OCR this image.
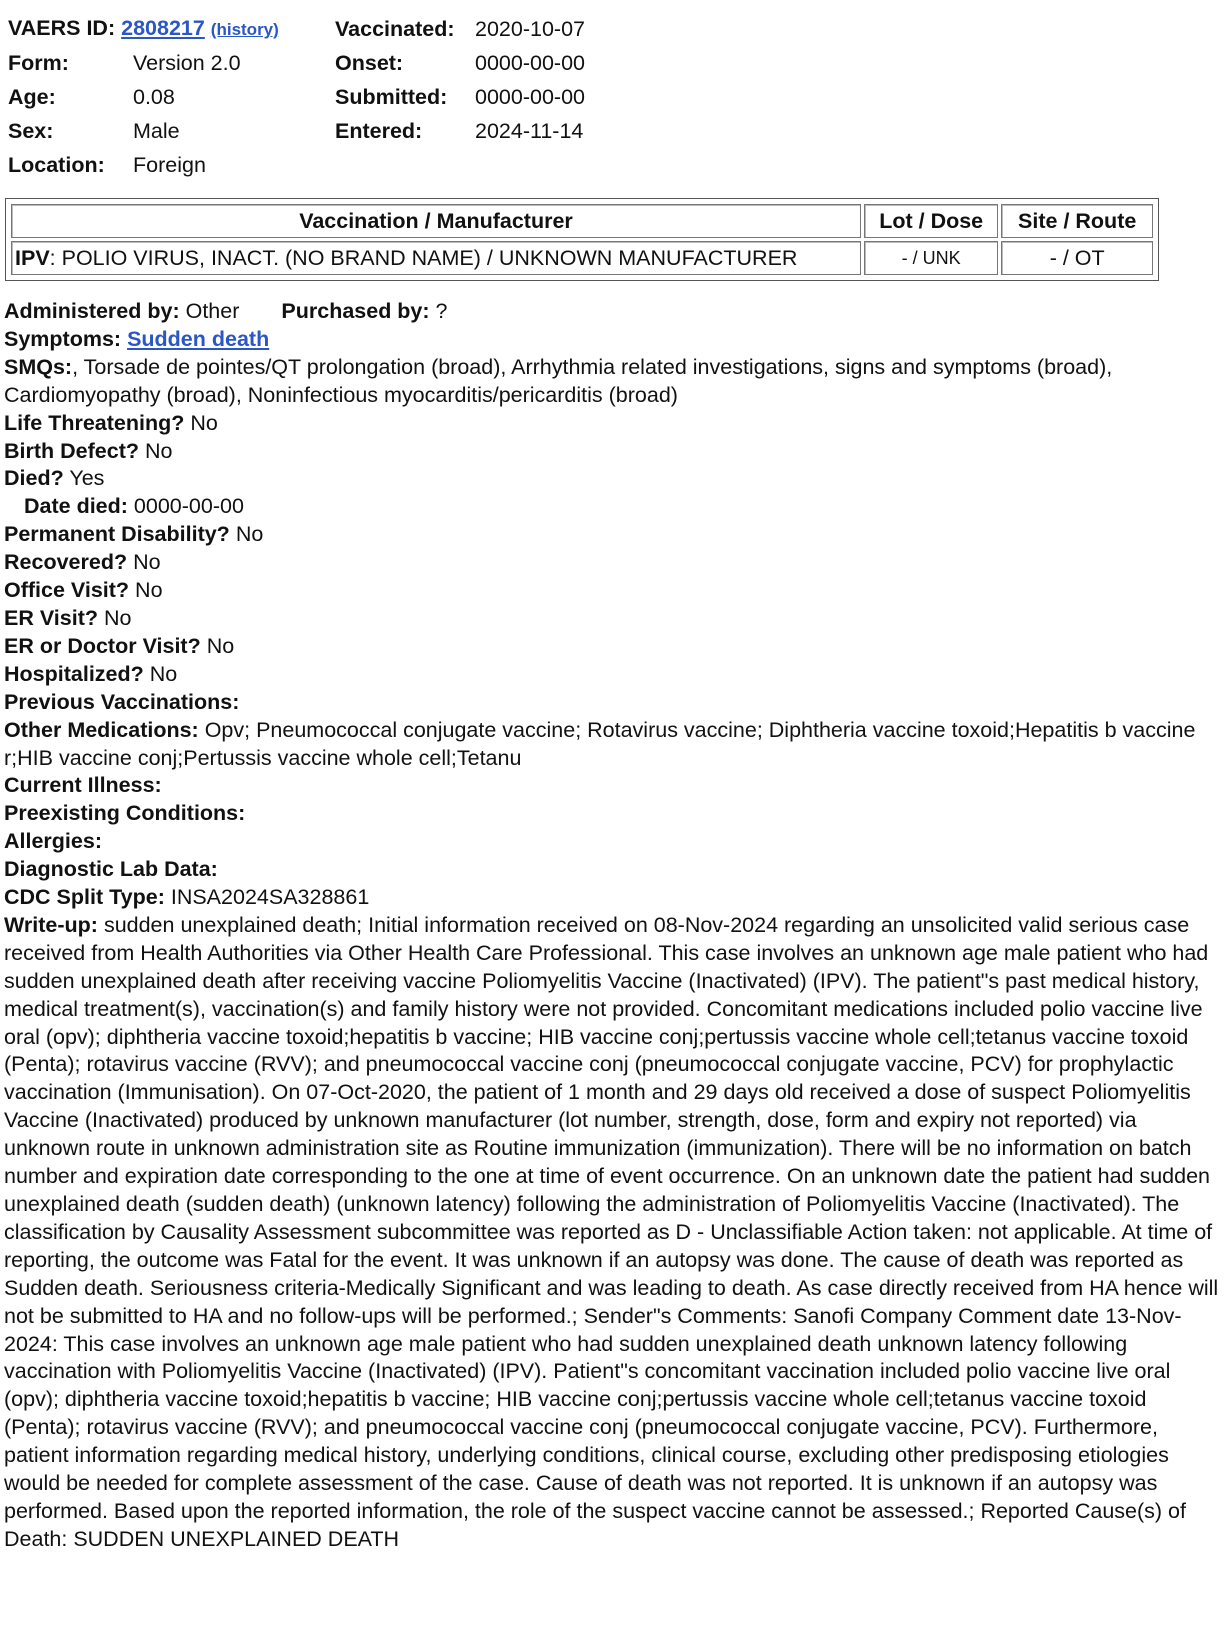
VAERS ID: 2808217 (history)		Vaccinated:	2020-10-07
Form:	Version 2.0	Onset:	0000-00-00
Age:	0.08	Submitted:	0000-00-00
Sex:	Male	Entered:	2024-11-14
Location:	Foreign		
Vaccination / Manufacturer	Lot / Dose	Site / Route
IPV: POLIO VIRUS, INACT. (NO BRAND NAME) / UNKNOWN MANUFACTURER	- / UNK	- / OT

Administered by: Other Purchased by: ?

Symptoms: Sudden death

SMQs:, Torsade de pointes/QT prolongation (broad), Arrhythmia related investigations, signs and symptoms (broad), Cardiomyopathy (broad), Noninfectious myocarditis/pericarditis (broad)

Life Threatening? No

Birth Defect? No

Died? Yes

Date died: 0000-00-00

Permanent Disability? No

Recovered? No

Office Visit? No

ER Visit? No

ER or Doctor Visit? No

Hospitalized? No

Previous Vaccinations:

Other Medications: Opv; Pneumococcal conjugate vaccine; Rotavirus vaccine; Diphtheria vaccine toxoid;Hepatitis b vaccine r;HIB vaccine conj;Pertussis vaccine whole cell;Tetanu

Current Illness:

Preexisting Conditions:

Allergies:

Diagnostic Lab Data:

CDC Split Type: INSA2024SA328861

Write-up: sudden unexplained death; Initial information received on 08-Nov-2024 regarding an unsolicited valid serious case received from Health Authorities via Other Health Care Professional. This case involves an unknown age male patient who had sudden unexplained death after receiving vaccine Poliomyelitis Vaccine (Inactivated) (IPV). The patient"s past medical history, medical treatment(s), vaccination(s) and family history were not provided. Concomitant medications included polio vaccine live oral (opv); diphtheria vaccine toxoid;hepatitis b vaccine; HIB vaccine conj;pertussis vaccine whole cell;tetanus vaccine toxoid (Penta); rotavirus vaccine (RVV); and pneumococcal vaccine conj (pneumococcal conjugate vaccine, PCV) for prophylactic vaccination (Immunisation). On 07-Oct-2020, the patient of 1 month and 29 days old received a dose of suspect Poliomyelitis Vaccine (Inactivated) produced by unknown manufacturer (lot number, strength, dose, form and expiry not reported) via unknown route in unknown administration site as Routine immunization (immunization). There will be no information on batch number and expiration date corresponding to the one at time of event occurrence. On an unknown date the patient had sudden unexplained death (sudden death) (unknown latency) following the administration of Poliomyelitis Vaccine (Inactivated). The classification by Causality Assessment subcommittee was reported as D - Unclassifiable Action taken: not applicable. At time of reporting, the outcome was Fatal for the event. It was unknown if an autopsy was done. The cause of death was reported as Sudden death. Seriousness criteria-Medically Significant and was leading to death. As case directly received from HA hence will not be submitted to HA and no follow-ups will be performed.; Sender"s Comments: Sanofi Company Comment date 13-Nov-2024: This case involves an unknown age male patient who had sudden unexplained death unknown latency following vaccination with Poliomyelitis Vaccine (Inactivated) (IPV). Patient"s concomitant vaccination included polio vaccine live oral (opv); diphtheria vaccine toxoid;hepatitis b vaccine; HIB vaccine conj;pertussis vaccine whole cell;tetanus vaccine toxoid (Penta); rotavirus vaccine (RVV); and pneumococcal vaccine conj (pneumococcal conjugate vaccine, PCV). Furthermore, patient information regarding medical history, underlying conditions, clinical course, excluding other predisposing etiologies would be needed for complete assessment of the case. Cause of death was not reported. It is unknown if an autopsy was performed. Based upon the reported information, the role of the suspect vaccine cannot be assessed.; Reported Cause(s) of Death: SUDDEN UNEXPLAINED DEATH
